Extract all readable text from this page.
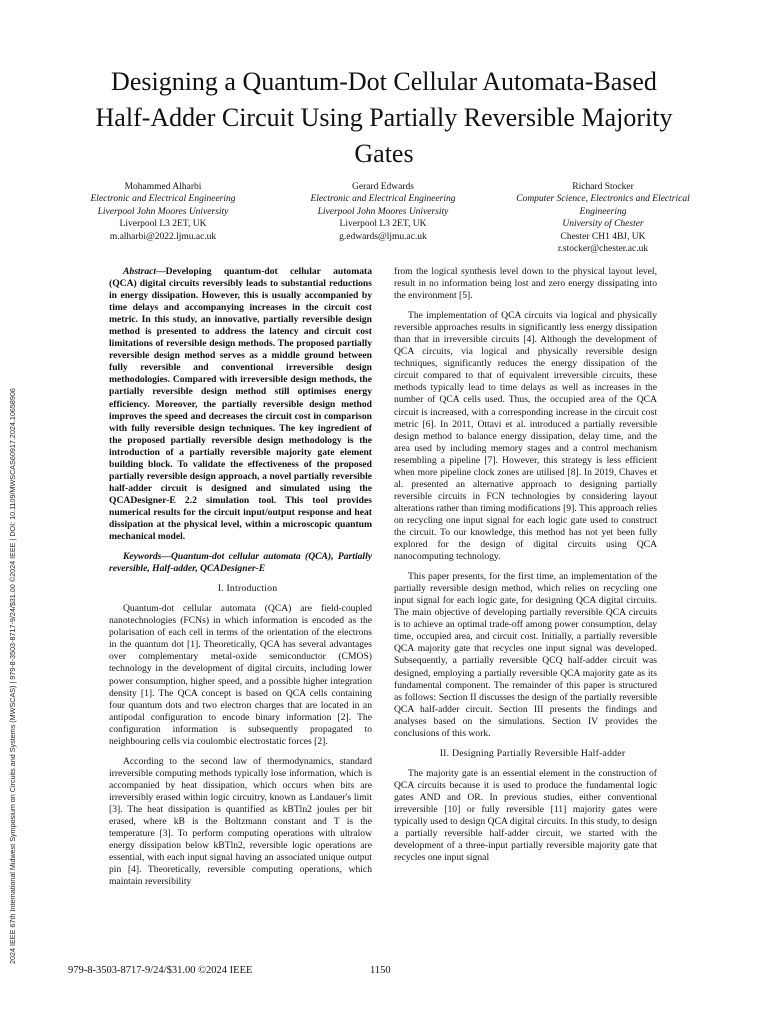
2024 IEEE 67th International Midwest Symposium on Circuits and Systems (MWSCAS) | 979-8-3503-8717-9/24/$31.00 ©2024 IEEE | DOI: 10.1109/MWSCAS60917.2024.10658906
Designing a Quantum-Dot Cellular Automata-Based Half-Adder Circuit Using Partially Reversible Majority Gates
Mohammed Alharbi
Electronic and Electrical Engineering
Liverpool John Moores University
Liverpool L3 2ET, UK
m.alharbi@2022.ljmu.ac.uk
Gerard Edwards
Electronic and Electrical Engineering
Liverpool John Moores University
Liverpool L3 2ET, UK
g.edwards@ljmu.ac.uk
Richard Stocker
Computer Science, Electronics and Electrical Engineering
University of Chester
Chester CH1 4BJ, UK
r.stocker@chester.ac.uk

Abstract—Developing quantum-dot cellular automata (QCA) digital circuits reversibly leads to substantial reductions in energy dissipation. However, this is usually accompanied by time delays and accompanying increases in the circuit cost metric. In this study, an innovative, partially reversible design method is presented to address the latency and circuit cost limitations of reversible design methods. The proposed partially reversible design method serves as a middle ground between fully reversible and conventional irreversible design methodologies. Compared with irreversible design methods, the partially reversible design method still optimises energy efficiency. Moreover, the partially reversible design method improves the speed and decreases the circuit cost in comparison with fully reversible design techniques. The key ingredient of the proposed partially reversible design methodology is the introduction of a partially reversible majority gate element building block. To validate the effectiveness of the proposed partially reversible design approach, a novel partially reversible half-adder circuit is designed and simulated using the QCADesigner-E 2.2 simulation tool. This tool provides numerical results for the circuit input/output response and heat dissipation at the physical level, within a microscopic quantum mechanical model.

Keywords—Quantum-dot cellular automata (QCA), Partially reversible, Half-adder, QCADesigner-E

I. Introduction

Quantum-dot cellular automata (QCA) are field-coupled nanotechnologies (FCNs) in which information is encoded as the polarisation of each cell in terms of the orientation of the electrons in the quantum dot [1]. Theoretically, QCA has several advantages over complementary metal-oxide semiconductor (CMOS) technology in the development of digital circuits, including lower power consumption, higher speed, and a possible higher integration density [1]. The QCA concept is based on QCA cells containing four quantum dots and two electron charges that are located in an antipodal configuration to encode binary information [2]. The configuration information is subsequently propagated to neighbouring cells via coulombic electrostatic forces [2].

According to the second law of thermodynamics, standard irreversible computing methods typically lose information, which is accompanied by heat dissipation, which occurs when bits are irreversibly erased within logic circuitry, known as Landauer's limit [3]. The heat dissipation is quantified as kBTln2 joules per bit erased, where kB is the Boltzmann constant and T is the temperature [3]. To perform computing operations with ultralow energy dissipation below kBTln2, reversible logic operations are essential, with each input signal having an associated unique output pin [4]. Theoretically, reversible computing operations, which maintain reversibility

from the logical synthesis level down to the physical layout level, result in no information being lost and zero energy dissipating into the environment [5].

The implementation of QCA circuits via logical and physically reversible approaches results in significantly less energy dissipation than that in irreversible circuits [4]. Although the development of QCA circuits, via logical and physically reversible design techniques, significantly reduces the energy dissipation of the circuit compared to that of equivalent irreversible circuits, these methods typically lead to time delays as well as increases in the number of QCA cells used. Thus, the occupied area of the QCA circuit is increased, with a corresponding increase in the circuit cost metric [6]. In 2011, Ottavi et al. introduced a partially reversible design method to balance energy dissipation, delay time, and the area used by including memory stages and a control mechanism resembling a pipeline [7]. However, this strategy is less efficient when more pipeline clock zones are utilised [8]. In 2019, Chaves et al. presented an alternative approach to designing partially reversible circuits in FCN technologies by considering layout alterations rather than timing modifications [9]. This approach relies on recycling one input signal for each logic gate used to construct the circuit. To our knowledge, this method has not yet been fully explored for the design of digital circuits using QCA nanocomputing technology.

This paper presents, for the first time, an implementation of the partially reversible design method, which relies on recycling one input signal for each logic gate, for designing QCA digital circuits. The main objective of developing partially reversible QCA circuits is to achieve an optimal trade-off among power consumption, delay time, occupied area, and circuit cost. Initially, a partially reversible QCA majority gate that recycles one input signal was developed. Subsequently, a partially reversible QCQ half-adder circuit was designed, employing a partially reversible QCA majority gate as its fundamental component. The remainder of this paper is structured as follows: Section II discusses the design of the partially reversible QCA half-adder circuit. Section III presents the findings and analyses based on the simulations. Section IV provides the conclusions of this work.

II. Designing Partially Reversible Half-adder

The majority gate is an essential element in the construction of QCA circuits because it is used to produce the fundamental logic gates AND and OR. In previous studies, either conventional irreversible [10] or fully reversible [11] majority gates were typically used to design QCA digital circuits. In this study, to design a partially reversible half-adder circuit, we started with the development of a three-input partially reversible majority gate that recycles one input signal

979-8-3503-8717-9/24/$31.00 ©2024 IEEE	1150
